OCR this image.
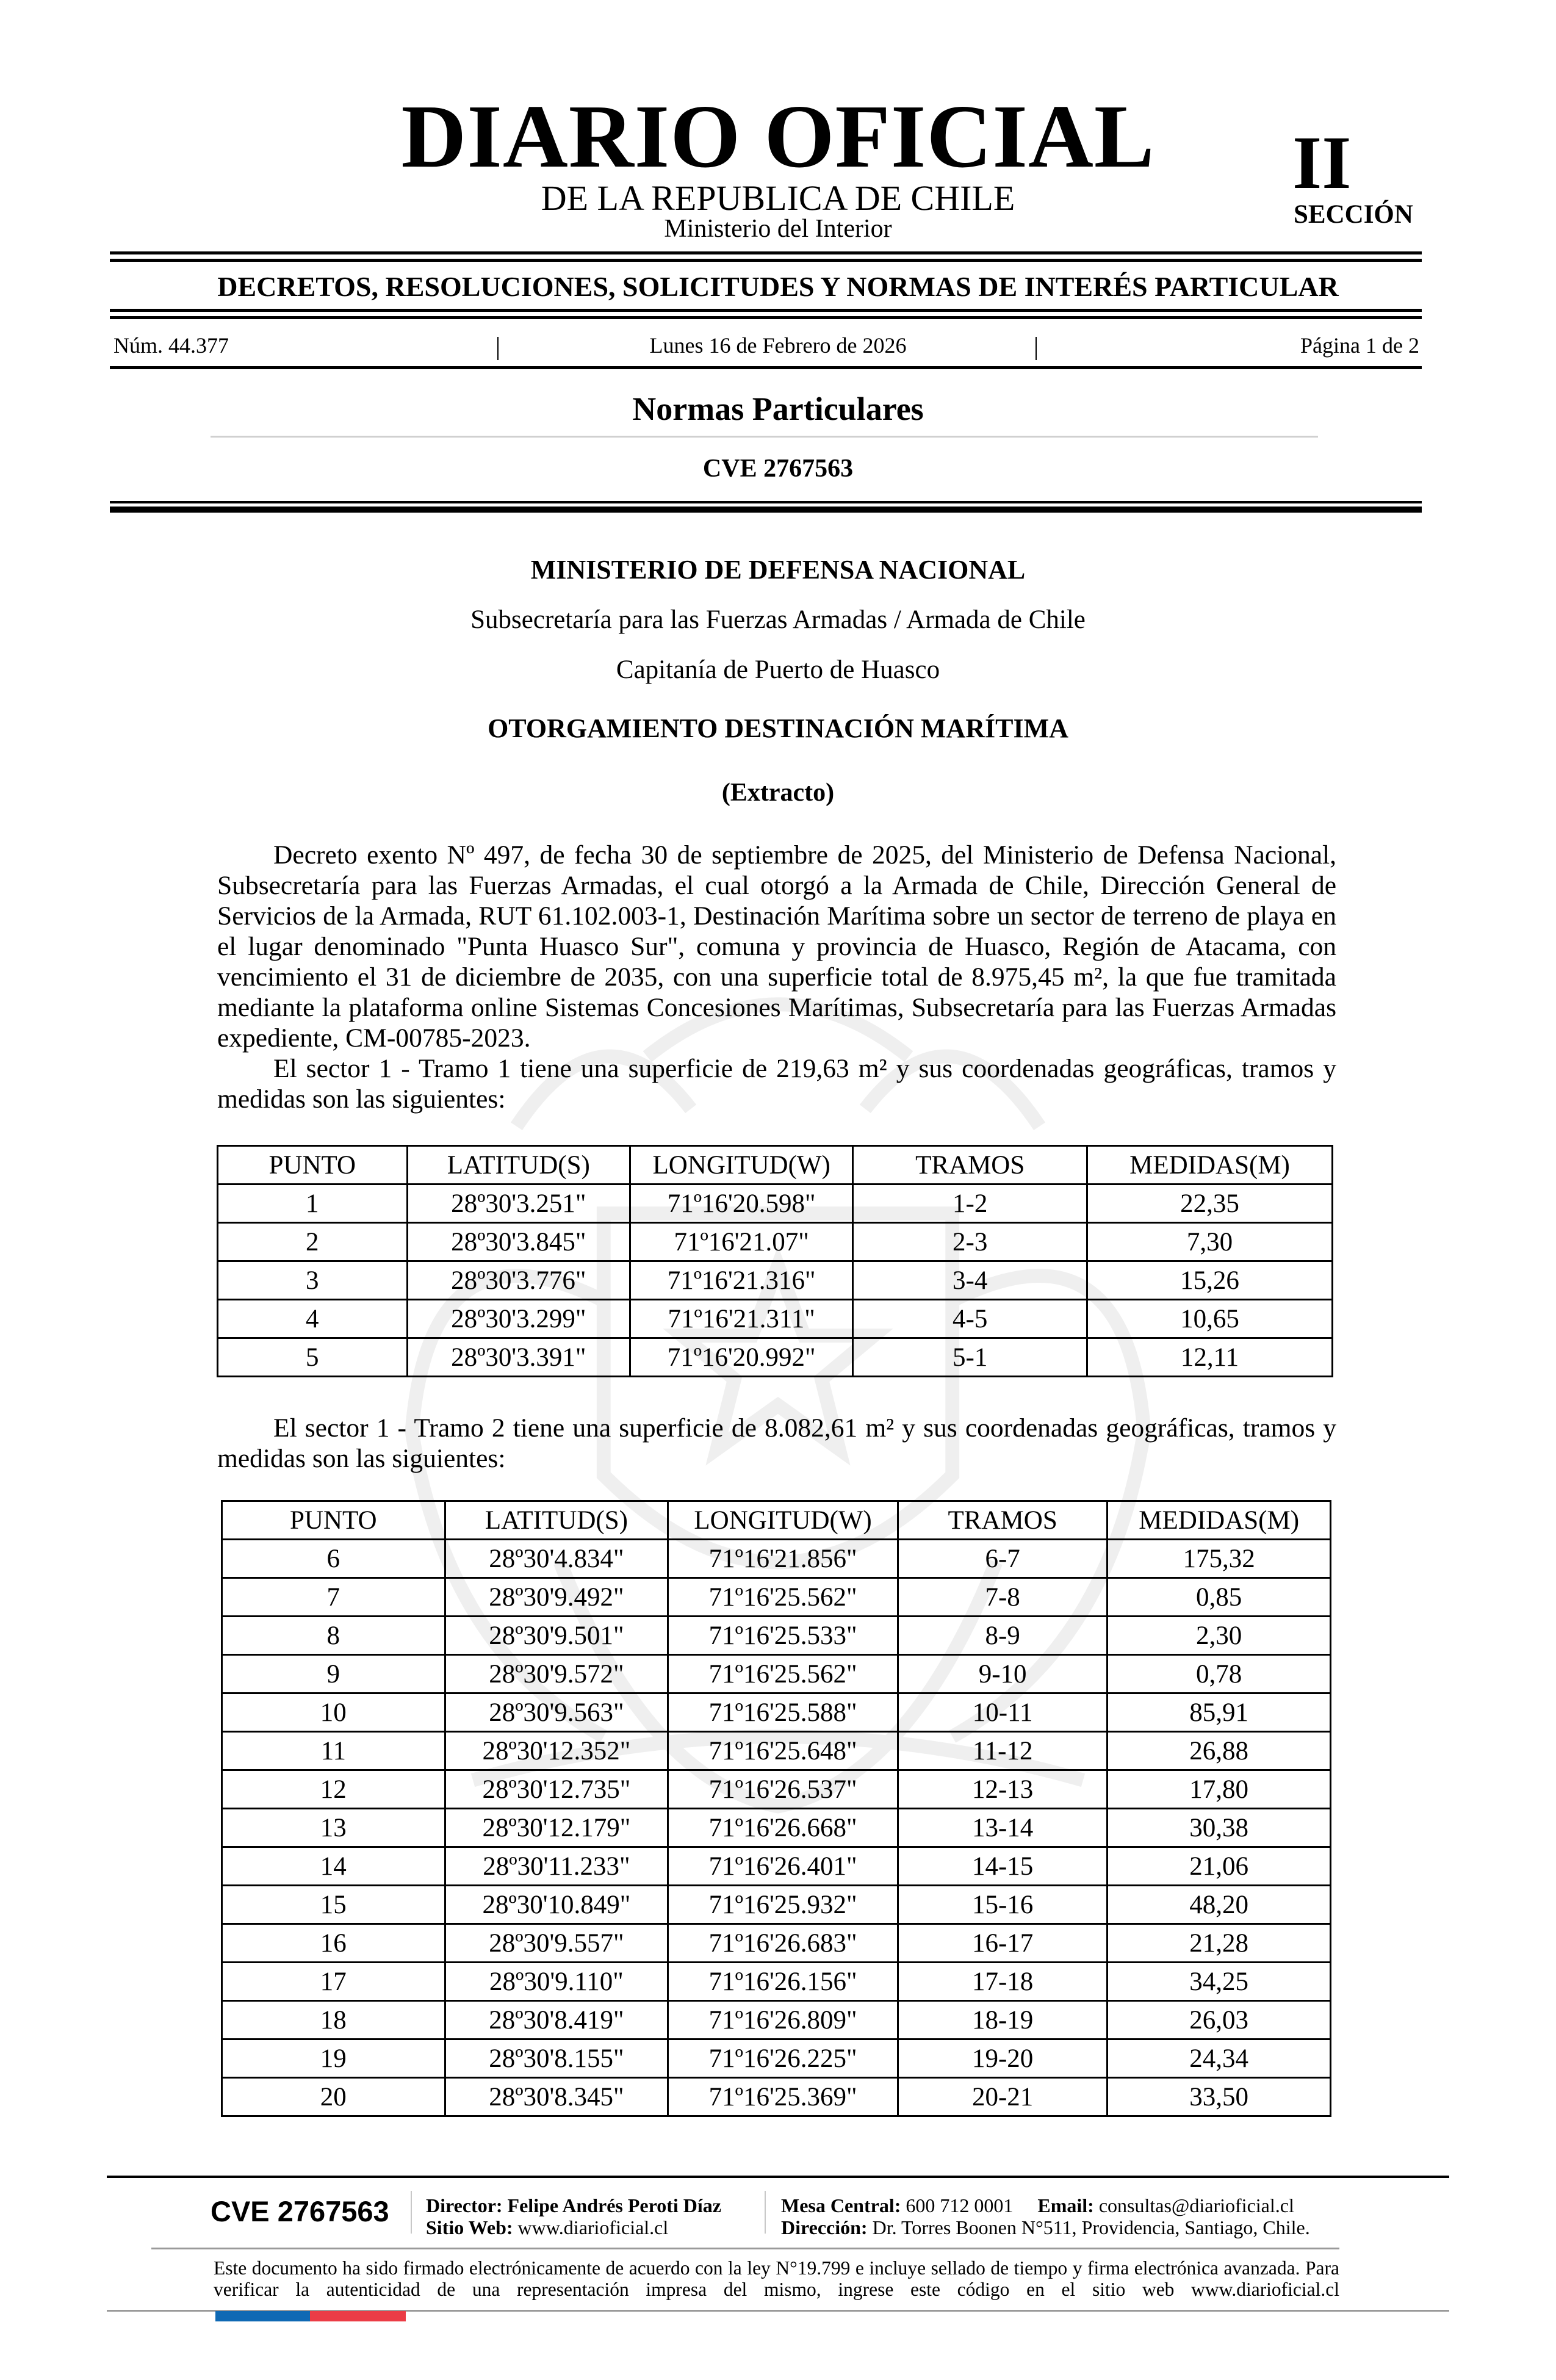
DIARIO OFICIAL
DE LA REPUBLICA DE CHILE
Ministerio del Interior
II
SECCIÓN
DECRETOS, RESOLUCIONES, SOLICITUDES Y NORMAS DE INTERÉS PARTICULAR
Núm. 44.377	Lunes 16 de Febrero de 2026	Página 1 de 2
Normas Particulares
CVE 2767563
MINISTERIO DE DEFENSA NACIONAL
Subsecretaría para las Fuerzas Armadas / Armada de Chile
Capitanía de Puerto de Huasco
OTORGAMIENTO DESTINACIÓN MARÍTIMA
(Extracto)

Decreto exento Nº 497, de fecha 30 de septiembre de 2025, del Ministerio de Defensa Nacional, Subsecretaría para las Fuerzas Armadas, el cual otorgó a la Armada de Chile, Dirección General de Servicios de la Armada, RUT 61.102.003-1, Destinación Marítima sobre un sector de terreno de playa en el lugar denominado "Punta Huasco Sur", comuna y provincia de Huasco, Región de Atacama, con vencimiento el 31 de diciembre de 2035, con una superficie total de 8.975,45 m², la que fue tramitada mediante la plataforma online Sistemas Concesiones Marítimas, Subsecretaría para las Fuerzas Armadas expediente, CM-00785-2023.

El sector 1 - Tramo 1 tiene una superficie de 219,63 m² y sus coordenadas geográficas, tramos y medidas son las siguientes:

PUNTO	LATITUD(S)	LONGITUD(W)	TRAMOS	MEDIDAS(M)
1	28º30'3.251"	71º16'20.598"	1-2	22,35
2	28º30'3.845"	71º16'21.07"	2-3	7,30
3	28º30'3.776"	71º16'21.316"	3-4	15,26
4	28º30'3.299"	71º16'21.311"	4-5	10,65
5	28º30'3.391"	71º16'20.992"	5-1	12,11

El sector 1 - Tramo 2 tiene una superficie de 8.082,61 m² y sus coordenadas geográficas, tramos y medidas son las siguientes:

PUNTO	LATITUD(S)	LONGITUD(W)	TRAMOS	MEDIDAS(M)
6	28º30'4.834"	71º16'21.856"	6-7	175,32
7	28º30'9.492"	71º16'25.562"	7-8	0,85
8	28º30'9.501"	71º16'25.533"	8-9	2,30
9	28º30'9.572"	71º16'25.562"	9-10	0,78
10	28º30'9.563"	71º16'25.588"	10-11	85,91
11	28º30'12.352"	71º16'25.648"	11-12	26,88
12	28º30'12.735"	71º16'26.537"	12-13	17,80
13	28º30'12.179"	71º16'26.668"	13-14	30,38
14	28º30'11.233"	71º16'26.401"	14-15	21,06
15	28º30'10.849"	71º16'25.932"	15-16	48,20
16	28º30'9.557"	71º16'26.683"	16-17	21,28
17	28º30'9.110"	71º16'26.156"	17-18	34,25
18	28º30'8.419"	71º16'26.809"	18-19	26,03
19	28º30'8.155"	71º16'26.225"	19-20	24,34
20	28º30'8.345"	71º16'25.369"	20-21	33,50
CVE 2767563 Director: Felipe Andrés Peroti Díaz
Sitio Web: www.diarioficial.cl
Mesa Central: 600 712 0001 Email: consultas@diarioficial.cl
Dirección: Dr. Torres Boonen N°511, Providencia, Santiago, Chile.
Este documento ha sido firmado electrónicamente de acuerdo con la ley N°19.799 e incluye sellado de tiempo y firma electrónica avanzada. Para verificar la autenticidad de una representación impresa del mismo, ingrese este código en el sitio web www.diarioficial.cl
